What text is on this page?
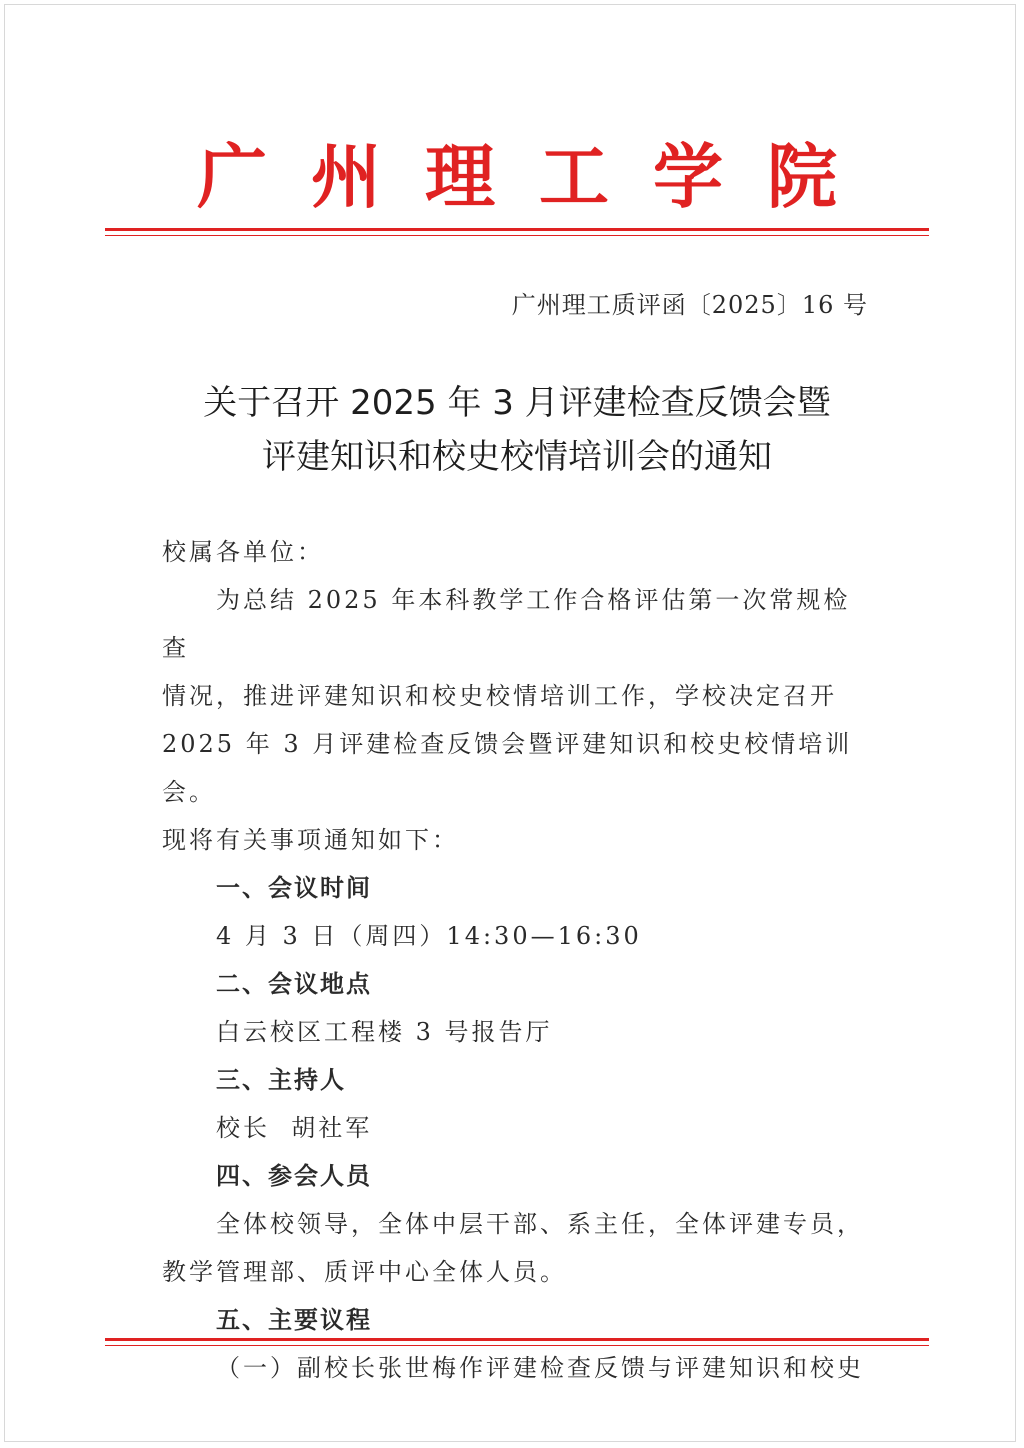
广州理工学院
广州理工质评函〔2025〕16 号
关于召开 2025 年 3 月评建检查反馈会暨
评建知识和校史校情培训会的通知

校属各单位：

为总结 2025 年本科教学工作合格评估第一次常规检查

情况，推进评建知识和校史校情培训工作，学校决定召开

2025 年 3 月评建检查反馈会暨评建知识和校史校情培训会。

现将有关事项通知如下：

一、会议时间

4 月 3 日（周四）14:30—16:30

二、会议地点

白云校区工程楼 3 号报告厅

三、主持人

校长  胡社军

四、参会人员

全体校领导，全体中层干部、系主任，全体评建专员，

教学管理部、质评中心全体人员。

五、主要议程

（一）副校长张世梅作评建检查反馈与评建知识和校史
